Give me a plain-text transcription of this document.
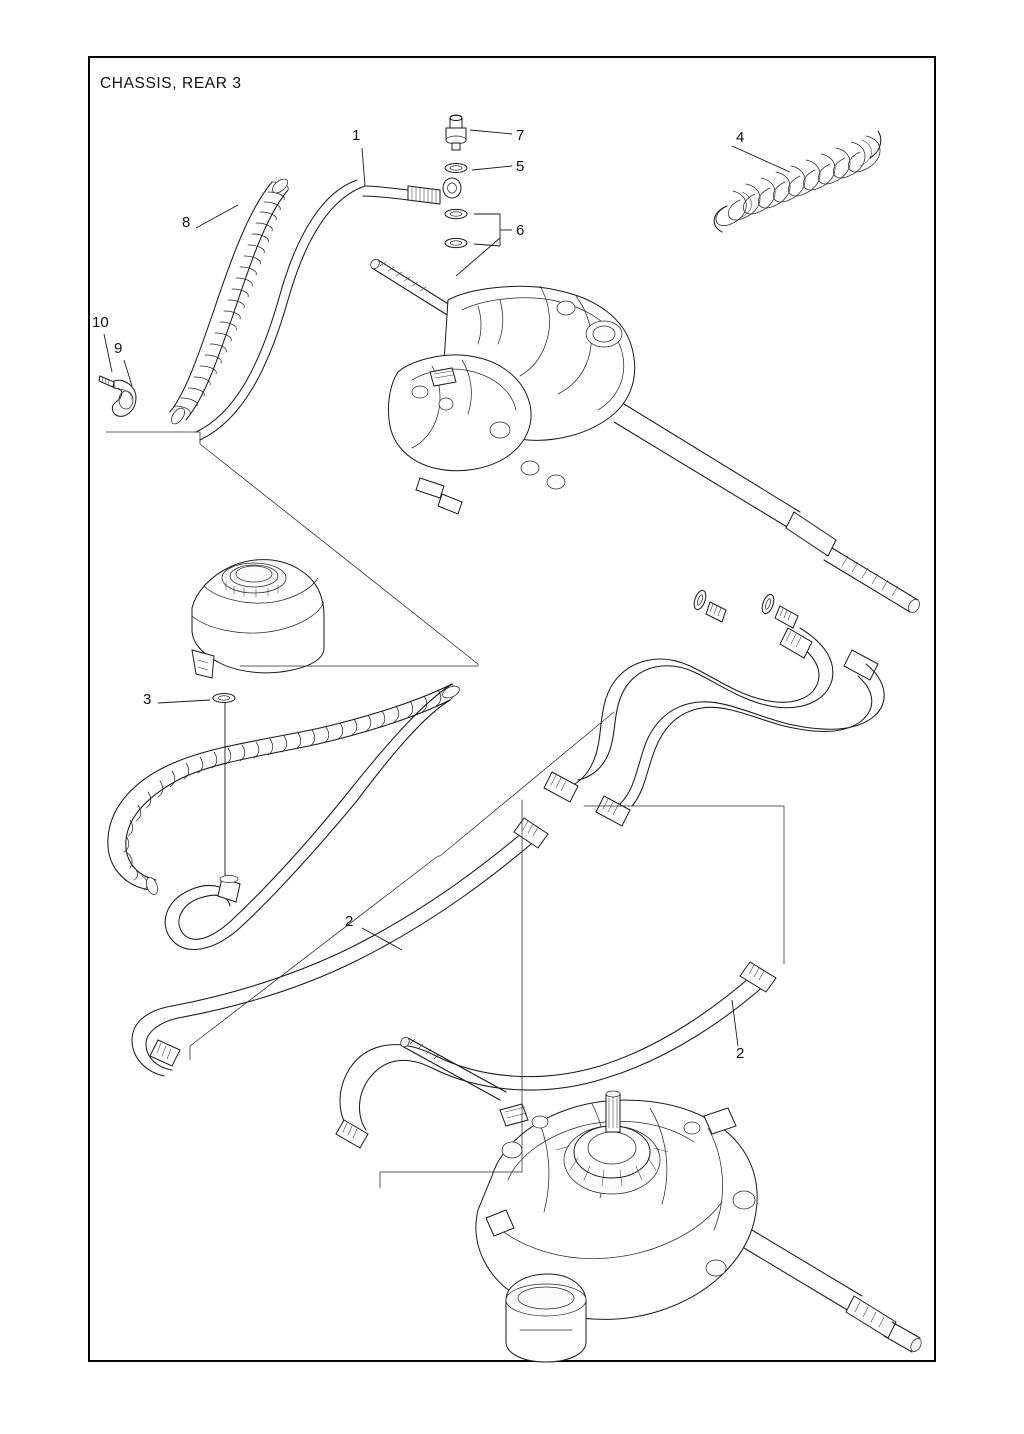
CHASSIS, REAR 3
1	7	4
5
8	6
10
9
3
2
2
